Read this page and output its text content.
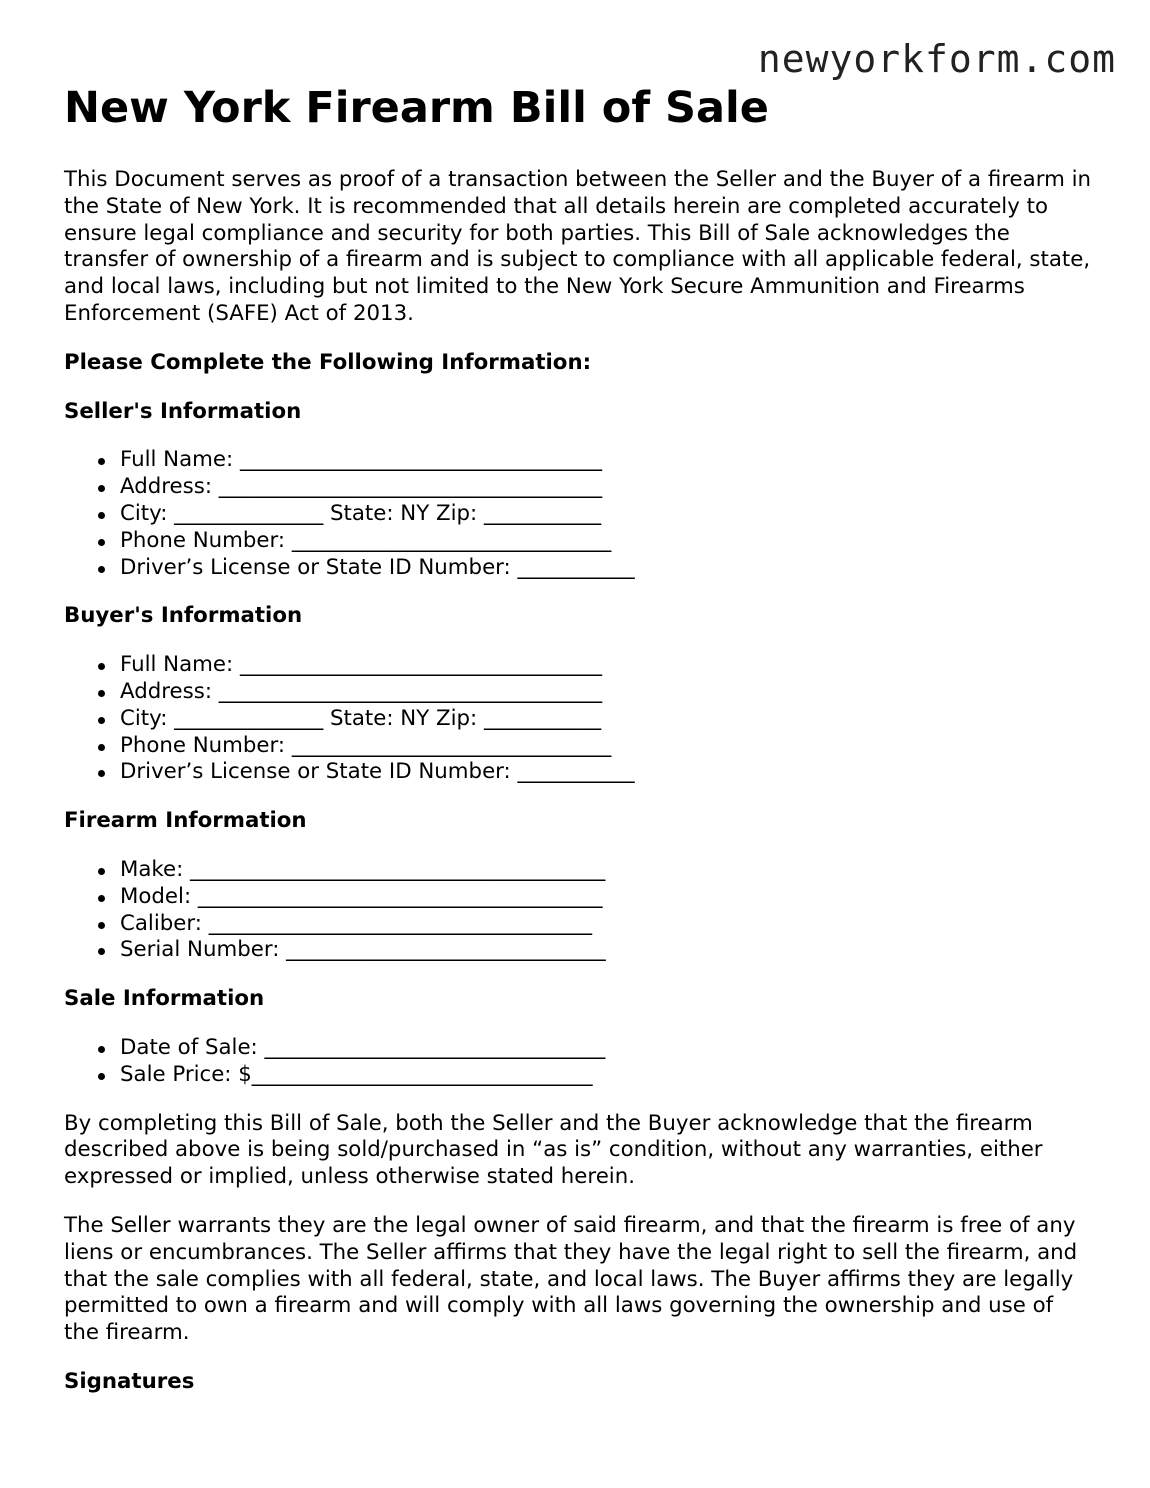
newyorkform.com
New York Firearm Bill of Sale

This Document serves as proof of a transaction between the Seller and the Buyer of a firearm in the State of New York. It is recommended that all details herein are completed accurately to ensure legal compliance and security for both parties. This Bill of Sale acknowledges the transfer of ownership of a firearm and is subject to compliance with all applicable federal, state, and local laws, including but not limited to the New York Secure Ammunition and Firearms Enforcement (SAFE) Act of 2013.

Please Complete the Following Information:
Seller's Information
Full Name: __________________________________
Address: ____________________________________
City: ______________ State: NY Zip: ___________
Phone Number: ______________________________
Driver’s License or State ID Number: ___________
Buyer's Information
Full Name: __________________________________
Address: ____________________________________
City: ______________ State: NY Zip: ___________
Phone Number: ______________________________
Driver’s License or State ID Number: ___________
Firearm Information
Make: _______________________________________
Model: ______________________________________
Caliber: ____________________________________
Serial Number: ______________________________
Sale Information
Date of Sale: ________________________________
Sale Price: $________________________________

By completing this Bill of Sale, both the Seller and the Buyer acknowledge that the firearm described above is being sold/purchased in “as is” condition, without any warranties, either expressed or implied, unless otherwise stated herein.

The Seller warrants they are the legal owner of said firearm, and that the firearm is free of any liens or encumbrances. The Seller affirms that they have the legal right to sell the firearm, and that the sale complies with all federal, state, and local laws. The Buyer affirms they are legally permitted to own a firearm and will comply with all laws governing the ownership and use of the firearm.

Signatures
